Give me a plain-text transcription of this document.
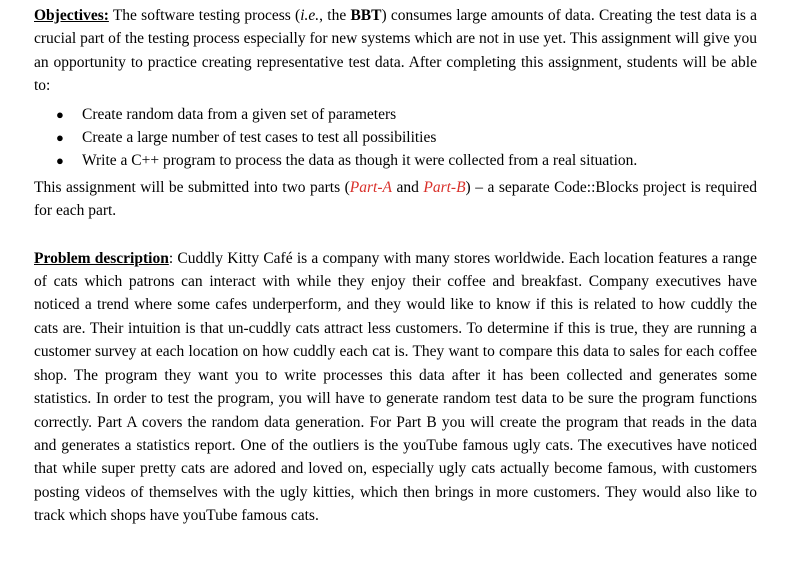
Objectives: The software testing process (i.e., the BBT) consumes large amounts of data. Creating the test data is a crucial part of the testing process especially for new systems which are not in use yet. This assignment will give you an opportunity to practice creating representative test data. After completing this assignment, students will be able to:

● Create random data from a given set of parameters
● Create a large number of test cases to test all possibilities
● Write a C++ program to process the data as though it were collected from a real situation.

This assignment will be submitted into two parts (Part-A and Part-B) – a separate Code::Blocks project is required for each part.

Problem description: Cuddly Kitty Café is a company with many stores worldwide. Each location features a range of cats which patrons can interact with while they enjoy their coffee and breakfast. Company executives have noticed a trend where some cafes underperform, and they would like to know if this is related to how cuddly the cats are. Their intuition is that un-cuddly cats attract less customers. To determine if this is true, they are running a customer survey at each location on how cuddly each cat is. They want to compare this data to sales for each coffee shop. The program they want you to write processes this data after it has been collected and generates some statistics. In order to test the program, you will have to generate random test data to be sure the program functions correctly. Part A covers the random data generation. For Part B you will create the program that reads in the data and generates a statistics report. One of the outliers is the youTube famous ugly cats. The executives have noticed that while super pretty cats are adored and loved on, especially ugly cats actually become famous, with customers posting videos of themselves with the ugly kitties, which then brings in more customers. They would also like to track which shops have youTube famous cats.
